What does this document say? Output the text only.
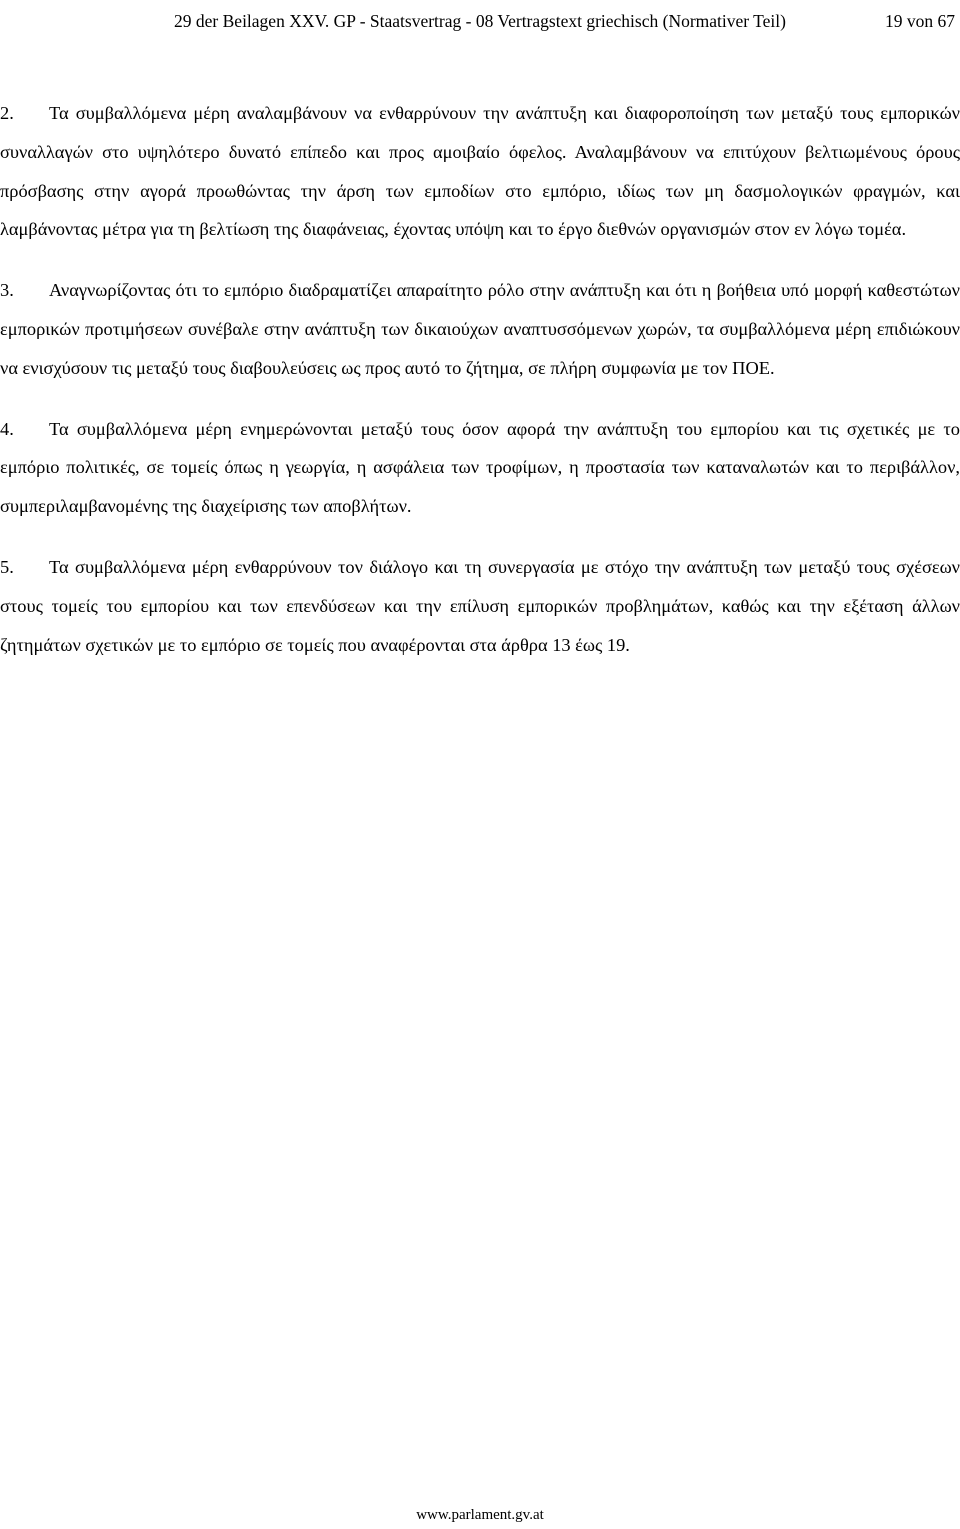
29 der Beilagen XXV. GP - Staatsvertrag - 08 Vertragstext griechisch (Normativer Teil)	19 von 67

2. Τα συμβαλλόμενα μέρη αναλαμβάνουν να ενθαρρύνουν την ανάπτυξη και διαφοροποίηση των μεταξύ τους εμπορικών συναλλαγών στο υψηλότερο δυνατό επίπεδο και προς αμοιβαίο όφελος. Αναλαμβάνουν να επιτύχουν βελτιωμένους όρους πρόσβασης στην αγορά προωθώντας την άρση των εμποδίων στο εμπόριο, ιδίως των μη δασμολογικών φραγμών, και λαμβάνοντας μέτρα για τη βελτίωση της διαφάνειας, έχοντας υπόψη και το έργο διεθνών οργανισμών στον εν λόγω τομέα.

3. Αναγνωρίζοντας ότι το εμπόριο διαδραματίζει απαραίτητο ρόλο στην ανάπτυξη και ότι η βοήθεια υπό μορφή καθεστώτων εμπορικών προτιμήσεων συνέβαλε στην ανάπτυξη των δικαιούχων αναπτυσσόμενων χωρών, τα συμβαλλόμενα μέρη επιδιώκουν να ενισχύσουν τις μεταξύ τους διαβουλεύσεις ως προς αυτό το ζήτημα, σε πλήρη συμφωνία με τον ΠΟΕ.

4. Τα συμβαλλόμενα μέρη ενημερώνονται μεταξύ τους όσον αφορά την ανάπτυξη του εμπορίου και τις σχετικές με το εμπόριο πολιτικές, σε τομείς όπως η γεωργία, η ασφάλεια των τροφίμων, η προστασία των καταναλωτών και το περιβάλλον, συμπεριλαμβανομένης της διαχείρισης των αποβλήτων.

5. Τα συμβαλλόμενα μέρη ενθαρρύνουν τον διάλογο και τη συνεργασία με στόχο την ανάπτυξη των μεταξύ τους σχέσεων στους τομείς του εμπορίου και των επενδύσεων και την επίλυση εμπορικών προβλημάτων, καθώς και την εξέταση άλλων ζητημάτων σχετικών με το εμπόριο σε τομείς που αναφέρονται στα άρθρα 13 έως 19.

www.parlament.gv.at
